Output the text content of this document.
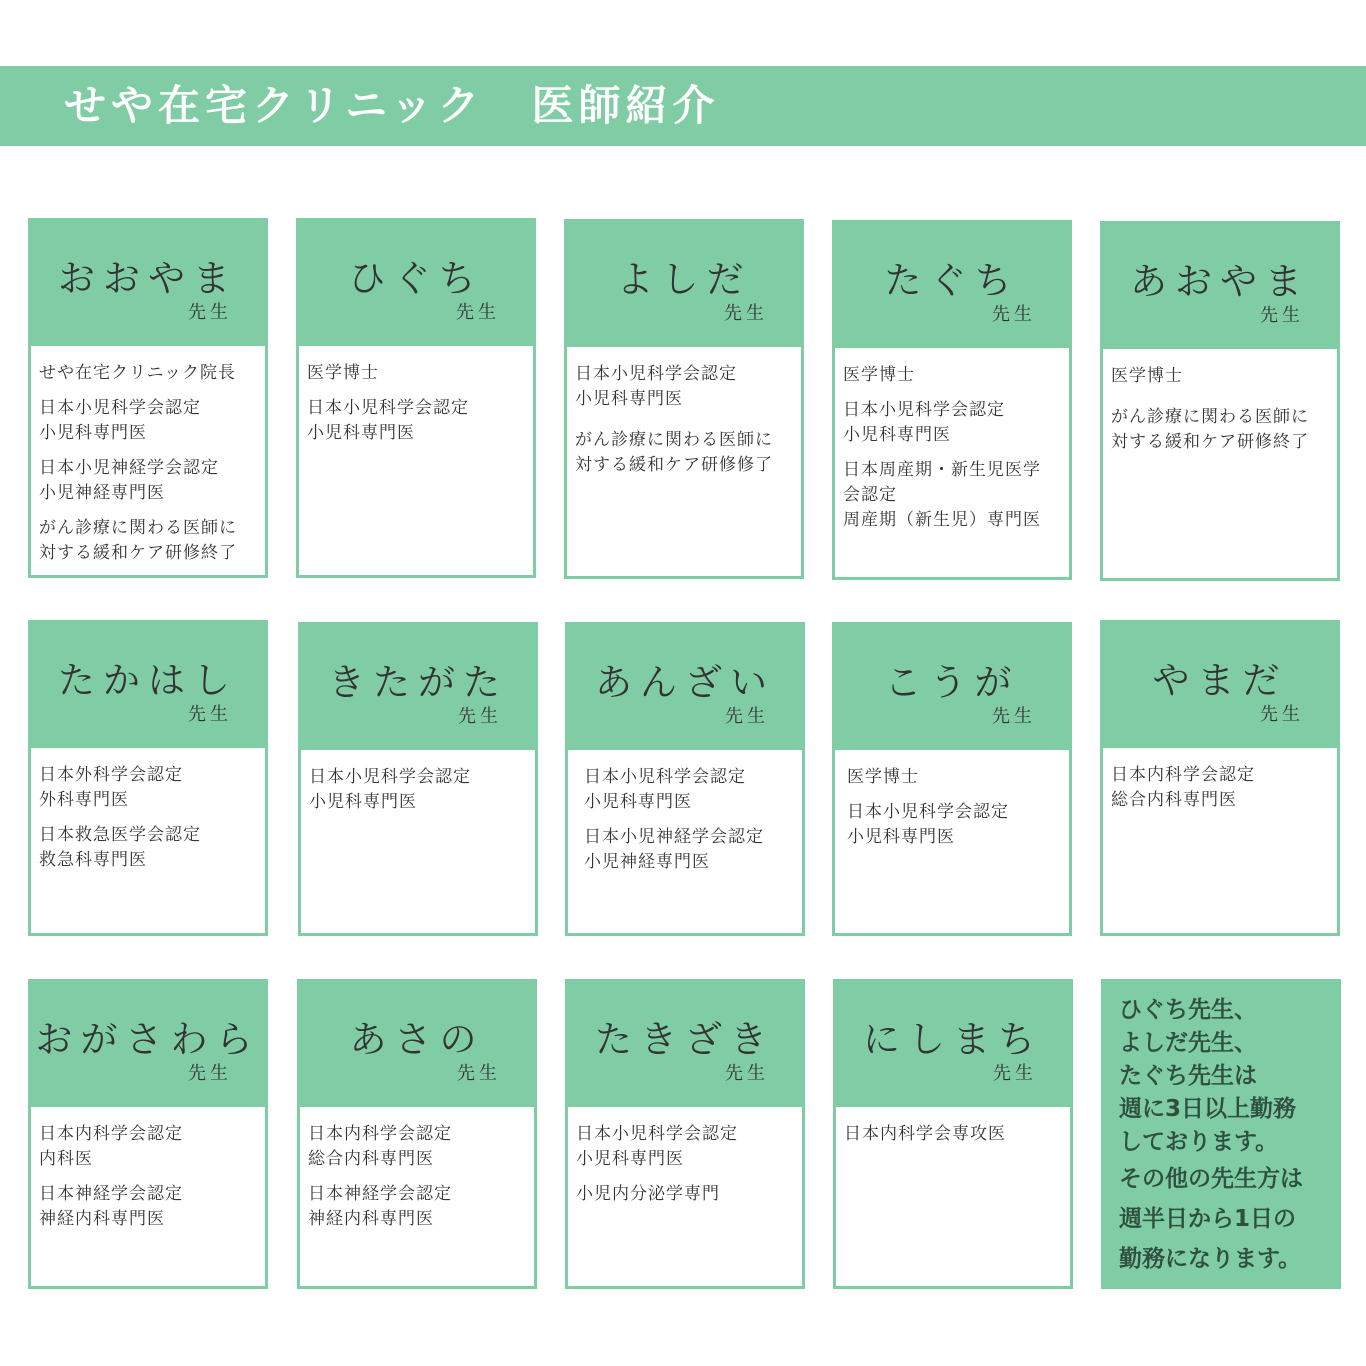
せや在宅クリニック　医師紹介
おおやま
先生
せや在宅クリニック院長
日本小児科学会認定
小児科専門医
日本小児神経学会認定
小児神経専門医
がん診療に関わる医師に
対する緩和ケア研修終了
ひぐち
先生
医学博士
日本小児科学会認定
小児科専門医
よしだ
先生
日本小児科学会認定
小児科専門医
がん診療に関わる医師に
対する緩和ケア研修修了
たぐち
先生
医学博士
日本小児科学会認定
小児科専門医
日本周産期・新生児医学
会認定
周産期（新生児）専門医
あおやま
先生
医学博士
がん診療に関わる医師に
対する緩和ケア研修終了
たかはし
先生
日本外科学会認定
外科専門医
日本救急医学会認定
救急科専門医
きたがた
先生
日本小児科学会認定
小児科専門医
あんざい
先生
日本小児科学会認定
小児科専門医
日本小児神経学会認定
小児神経専門医
こうが
先生
医学博士
日本小児科学会認定
小児科専門医
やまだ
先生
日本内科学会認定
総合内科専門医
おがさわら
先生
日本内科学会認定
内科医
日本神経学会認定
神経内科専門医
あさの
先生
日本内科学会認定
総合内科専門医
日本神経学会認定
神経内科専門医
たきざき
先生
日本小児科学会認定
小児科専門医
小児内分泌学専門
にしまち
先生
日本内科学会専攻医
ひぐち先生、
よしだ先生、
たぐち先生は
週に3日以上勤務
しております。
その他の先生方は
週半日から1日の
勤務になります。
